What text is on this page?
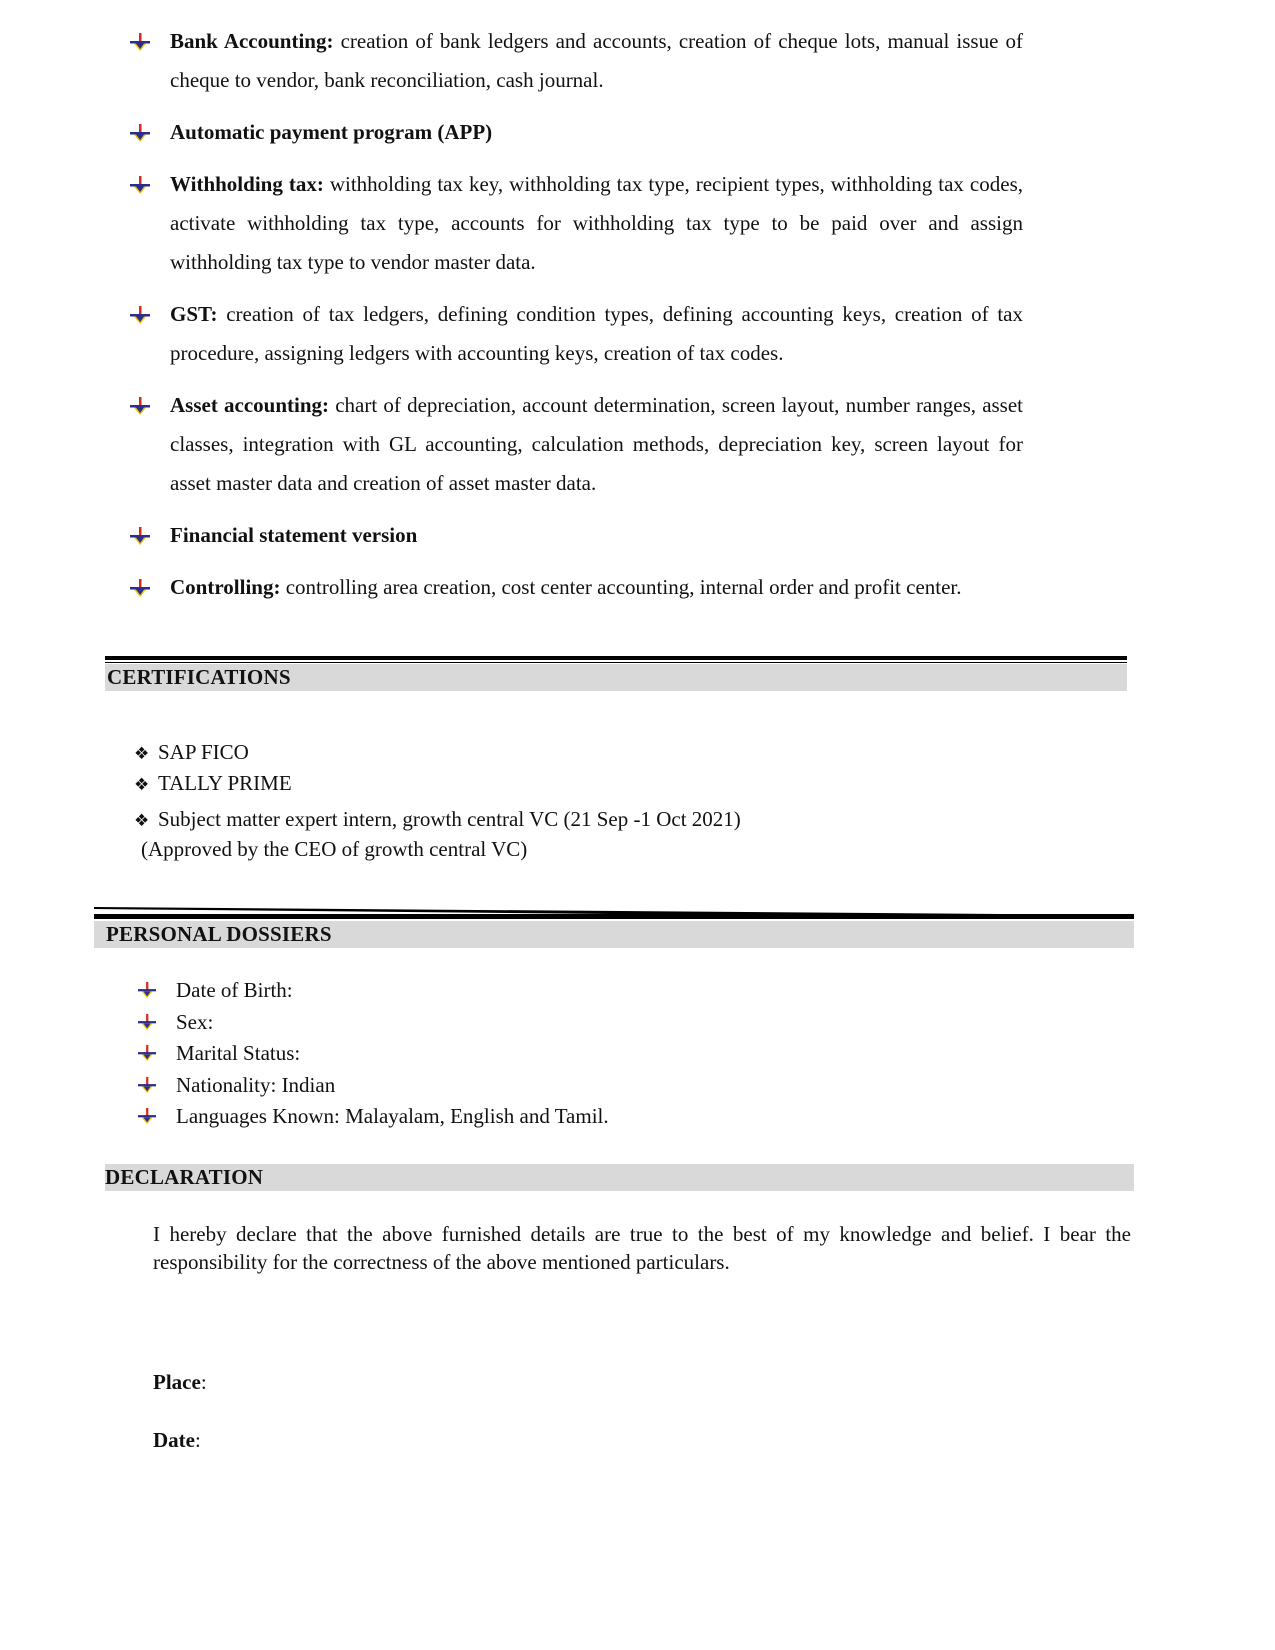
Bank Accounting: creation of bank ledgers and accounts, creation of cheque lots, manual issue of cheque to vendor, bank reconciliation, cash journal.
Automatic payment program (APP)
Withholding tax: withholding tax key, withholding tax type, recipient types, withholding tax codes, activate withholding tax type, accounts for withholding tax type to be paid over and assign withholding tax type to vendor master data.
GST: creation of tax ledgers, defining condition types, defining accounting keys, creation of tax procedure, assigning ledgers with accounting keys, creation of tax codes.
Asset accounting: chart of depreciation, account determination, screen layout, number ranges, asset classes, integration with GL accounting, calculation methods, depreciation key, screen layout for asset master data and creation of asset master data.
Financial statement version
Controlling: controlling area creation, cost center accounting, internal order and profit center.
CERTIFICATIONS
❖ SAP FICO
❖ TALLY PRIME
❖ Subject matter expert intern, growth central VC (21 Sep -1 Oct 2021)
(Approved by the CEO of growth central VC)
PERSONAL DOSSIERS
Date of Birth:
Sex:
Marital Status:
Nationality: Indian
Languages Known: Malayalam, English and Tamil.
DECLARATION
I hereby declare that the above furnished details are true to the best of my knowledge and belief. I bear the responsibility for the correctness of the above mentioned particulars.
Place:
Date:
